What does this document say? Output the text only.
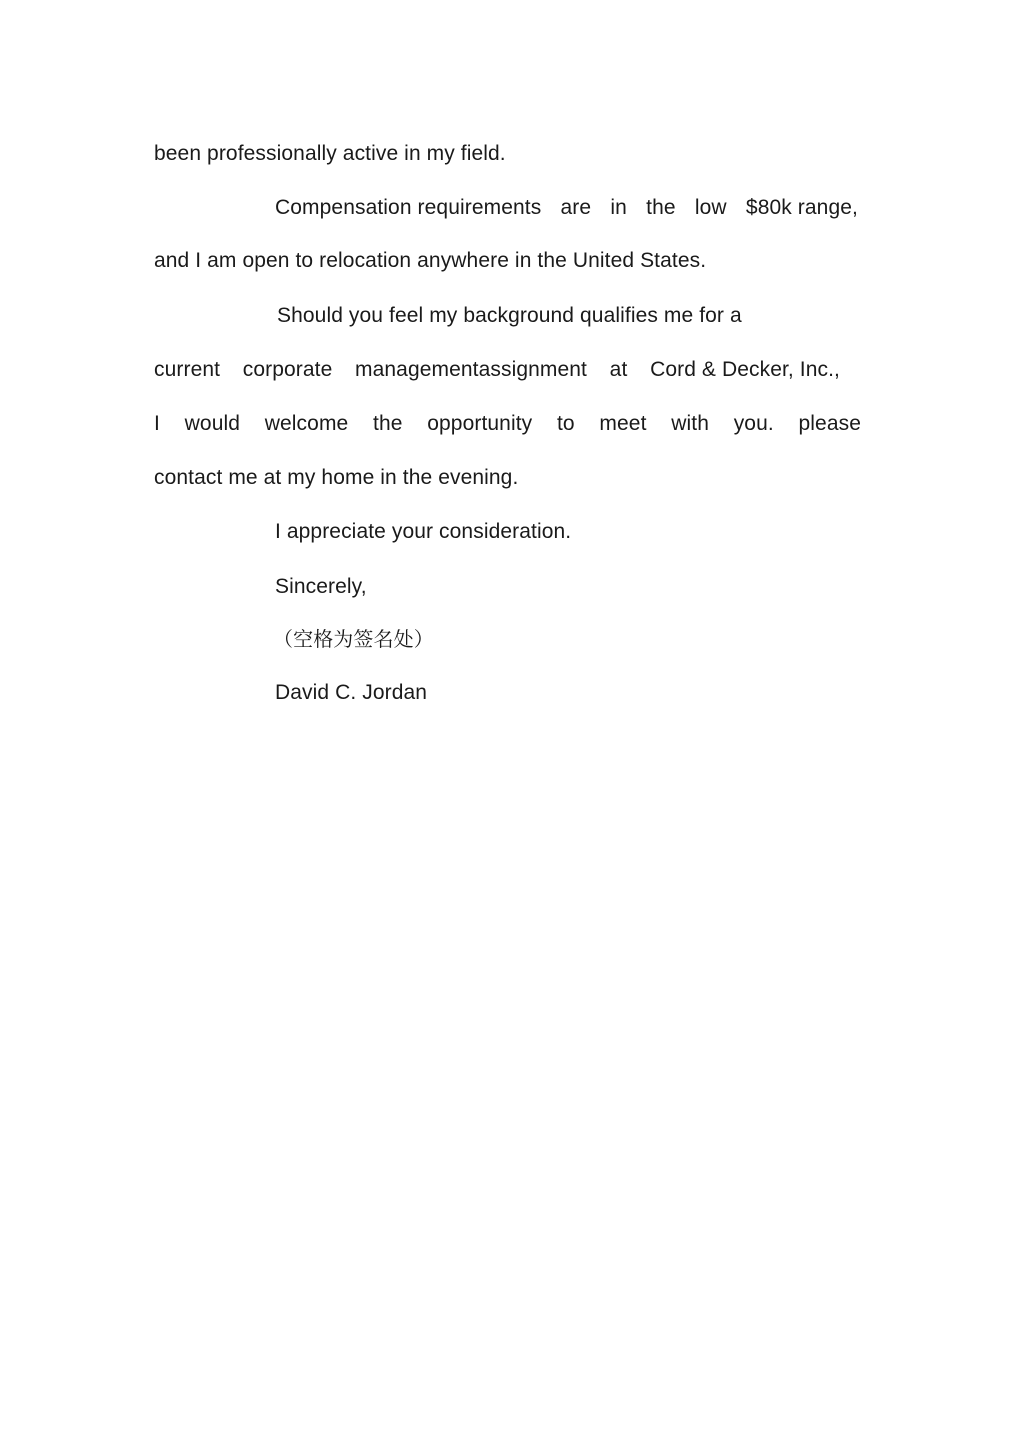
been professionally active in my field.
Compensation requirements are in the low $80k range,
and I am open to relocation anywhere in the United States.
Should you feel my background qualifies me for a
current corporate managementassignment at Cord & Decker, Inc.,
I would welcome the opportunity to meet with you. please
contact me at my home in the evening.
I appreciate your consideration.
Sincerely,
（空格为签名处）
David C. Jordan
